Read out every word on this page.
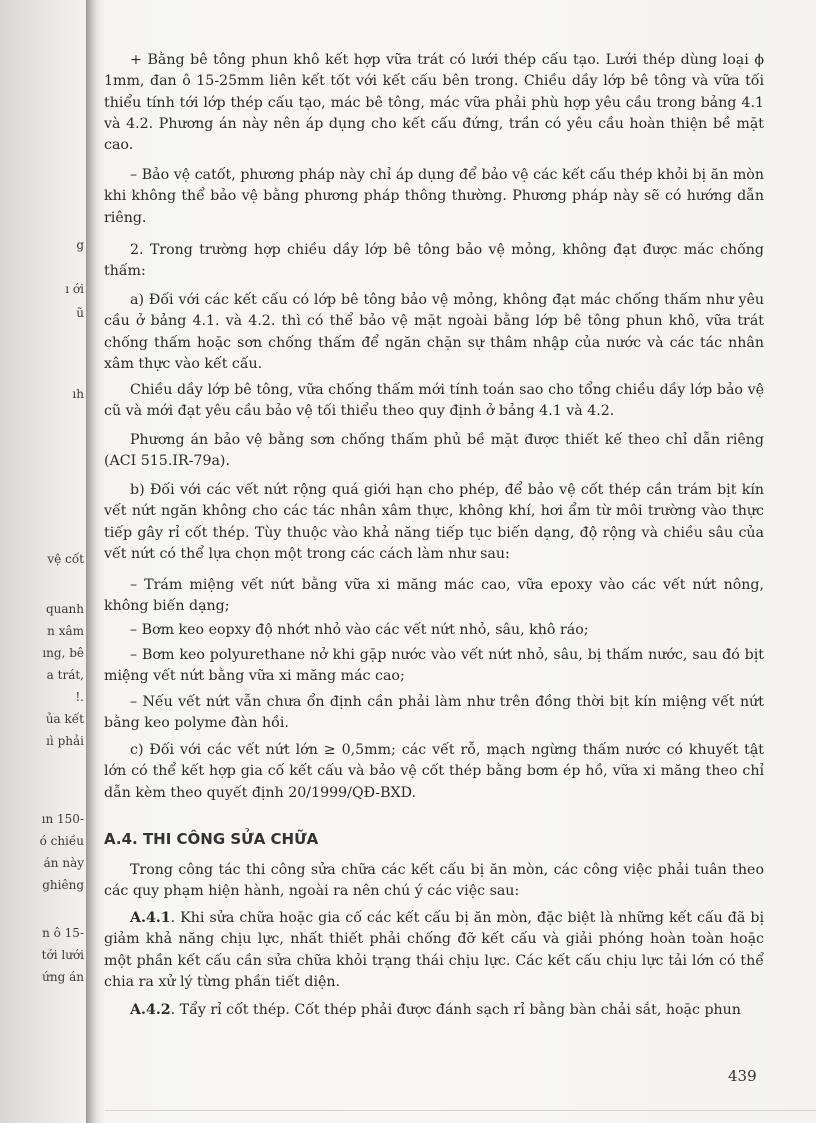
g
ı ới
ũ
ıh
vệ cốt
quanh
n xâm
ıng, bê
a trát,
!.
ủa kết
ıì phải
ın 150-
ó chiều
án này
ghiêng
n ô 15-
tới lưới
ứng án

+ Bằng bê tông phun khô kết hợp vữa trát có lưới thép cấu tạo. Lưới thép dùng loại ϕ 1mm, đan ô 15-25mm liên kết tốt với kết cấu bên trong. Chiều dầy lớp bê tông và vữa tối thiểu tính tới lớp thép cấu tạo, mác bê tông, mác vữa phải phù hợp yêu cầu trong bảng 4.1 và 4.2. Phương án này nên áp dụng cho kết cấu đứng, trần có yêu cầu hoàn thiện bề mặt cao.

– Bảo vệ catốt, phương pháp này chỉ áp dụng để bảo vệ các kết cấu thép khỏi bị ăn mòn khi không thể bảo vệ bằng phương pháp thông thường. Phương pháp này sẽ có hướng dẫn riêng.

2. Trong trường hợp chiều dầy lớp bê tông bảo vệ mỏng, không đạt được mác chống thấm:

a) Đối với các kết cấu có lớp bê tông bảo vệ mỏng, không đạt mác chống thấm như yêu cầu ở bảng 4.1. và 4.2. thì có thể bảo vệ mặt ngoài bằng lớp bê tông phun khô, vữa trát chống thấm hoặc sơn chống thấm để ngăn chặn sự thâm nhập của nước và các tác nhân xâm thực vào kết cấu.

Chiều dầy lớp bê tông, vữa chống thấm mới tính toán sao cho tổng chiều dầy lớp bảo vệ cũ và mới đạt yêu cầu bảo vệ tối thiểu theo quy định ở bảng 4.1 và 4.2.

Phương án bảo vệ bằng sơn chống thấm phủ bề mặt được thiết kế theo chỉ dẫn riêng (ACI 515.IR-79a).

b) Đối với các vết nứt rộng quá giới hạn cho phép, để bảo vệ cốt thép cần trám bịt kín vết nứt ngăn không cho các tác nhân xâm thực, không khí, hơi ẩm từ môi trường vào thực tiếp gây rỉ cốt thép. Tùy thuộc vào khả năng tiếp tục biến dạng, độ rộng và chiều sâu của vết nứt có thể lựa chọn một trong các cách làm như sau:

– Trám miệng vết nứt bằng vữa xi măng mác cao, vữa epoxy vào các vết nứt nông, không biến dạng;

– Bơm keo eopxy độ nhớt nhỏ vào các vết nứt nhỏ, sâu, khô ráo;

– Bơm keo polyurethane nở khi gặp nước vào vết nứt nhỏ, sâu, bị thấm nước, sau đó bịt miệng vết nứt bằng vữa xi măng mác cao;

– Nếu vết nứt vẫn chưa ổn định cần phải làm như trên đồng thời bịt kín miệng vết nứt bằng keo polyme đàn hồi.

c) Đối với các vết nứt lớn ≥ 0,5mm; các vết rỗ, mạch ngừng thấm nước có khuyết tật lớn có thể kết hợp gia cố kết cấu và bảo vệ cốt thép bằng bơm ép hồ, vữa xi măng theo chỉ dẫn kèm theo quyết định 20/1999/QĐ-BXD.

A.4. THI CÔNG SỬA CHỮA

Trong công tác thi công sửa chữa các kết cấu bị ăn mòn, các công việc phải tuân theo các quy phạm hiện hành, ngoài ra nên chú ý các việc sau:

A.4.1. Khi sửa chữa hoặc gia cố các kết cấu bị ăn mòn, đặc biệt là những kết cấu đã bị giảm khả năng chịu lực, nhất thiết phải chống đỡ kết cấu và giải phóng hoàn toàn hoặc một phần kết cấu cần sửa chữa khỏi trạng thái chịu lực. Các kết cấu chịu lực tải lớn có thể chia ra xử lý từng phần tiết diện.

A.4.2. Tẩy rỉ cốt thép. Cốt thép phải được đánh sạch rỉ bằng bàn chải sắt, hoặc phun

439
